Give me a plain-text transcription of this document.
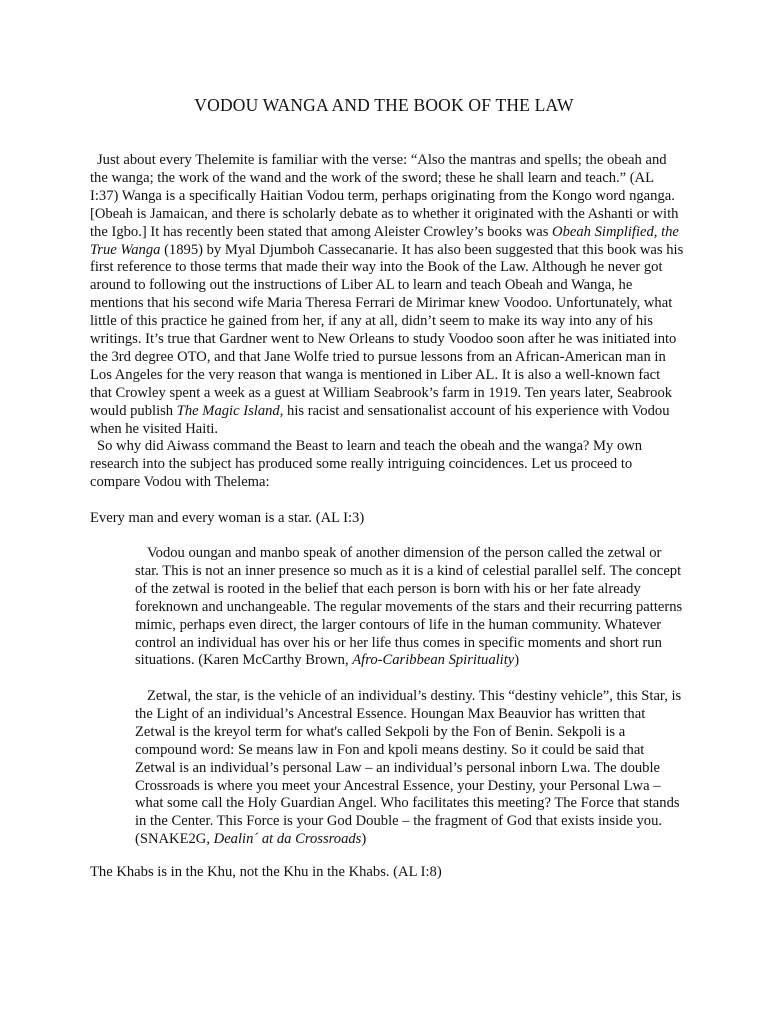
VODOU WANGA AND THE BOOK OF THE LAW

Just about every Thelemite is familiar with the verse: “Also the mantras and spells; the obeah and the wanga; the work of the wand and the work of the sword; these he shall learn and teach.” (AL I:37) Wanga is a specifically Haitian Vodou term, perhaps originating from the Kongo word nganga. [Obeah is Jamaican, and there is scholarly debate as to whether it originated with the Ashanti or with the Igbo.] It has recently been stated that among Aleister Crowley’s books was Obeah Simplified, the True Wanga (1895) by Myal Djumboh Cassecanarie. It has also been suggested that this book was his first reference to those terms that made their way into the Book of the Law. Although he never got around to following out the instructions of Liber AL to learn and teach Obeah and Wanga, he mentions that his second wife Maria Theresa Ferrari de Mirimar knew Voodoo. Unfortunately, what little of this practice he gained from her, if any at all, didn’t seem to make its way into any of his writings. It’s true that Gardner went to New Orleans to study Voodoo soon after he was initiated into the 3rd degree OTO, and that Jane Wolfe tried to pursue lessons from an African-American man in Los Angeles for the very reason that wanga is mentioned in Liber AL. It is also a well-known fact that Crowley spent a week as a guest at William Seabrook’s farm in 1919. Ten years later, Seabrook would publish The Magic Island, his racist and sensationalist account of his experience with Vodou when he visited Haiti.

So why did Aiwass command the Beast to learn and teach the obeah and the wanga? My own research into the subject has produced some really intriguing coincidences. Let us proceed to compare Vodou with Thelema:

Every man and every woman is a star. (AL I:3)

Vodou oungan and manbo speak of another dimension of the person called the zetwal or star. This is not an inner presence so much as it is a kind of celestial parallel self. The concept of the zetwal is rooted in the belief that each person is born with his or her fate already foreknown and unchangeable. The regular movements of the stars and their recurring patterns mimic, perhaps even direct, the larger contours of life in the human community. Whatever control an individual has over his or her life thus comes in specific moments and short run situations. (Karen McCarthy Brown, Afro-Caribbean Spirituality)

Zetwal, the star, is the vehicle of an individual’s destiny. This “destiny vehicle”, this Star, is the Light of an individual’s Ancestral Essence. Houngan Max Beauvior has written that Zetwal is the kreyol term for what's called Sekpoli by the Fon of Benin. Sekpoli is a compound word: Se means law in Fon and kpoli means destiny. So it could be said that Zetwal is an individual’s personal Law – an individual’s personal inborn Lwa. The double Crossroads is where you meet your Ancestral Essence, your Destiny, your Personal Lwa – what some call the Holy Guardian Angel. Who facilitates this meeting? The Force that stands in the Center. This Force is your God Double – the fragment of God that exists inside you. (SNAKE2G, Dealin´ at da Crossroads)

The Khabs is in the Khu, not the Khu in the Khabs. (AL I:8)
